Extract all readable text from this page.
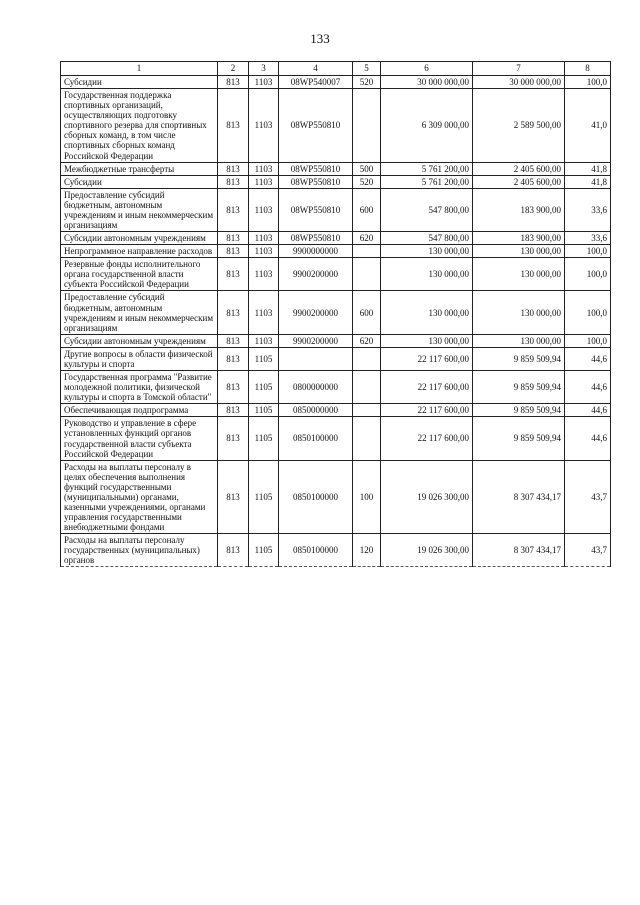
133
1	2	3	4	5	6	7	8
Субсидии	813	1103	08WP540007	520	30 000 000,00	30 000 000,00	100,0
Государственная поддержка спортивных организаций, осуществляющих подготовку спортивного резерва для спортивных сборных команд, в том числе спортивных сборных команд Российской Федерации	813	1103	08WP550810		6 309 000,00	2 589 500,00	41,0
Межбюджетные трансферты	813	1103	08WP550810	500	5 761 200,00	2 405 600,00	41,8
Субсидии	813	1103	08WP550810	520	5 761 200,00	2 405 600,00	41,8
Предоставление субсидий бюджетным, автономным учреждениям и иным некоммерческим организациям	813	1103	08WP550810	600	547 800,00	183 900,00	33,6
Субсидии автономным учреждениям	813	1103	08WP550810	620	547 800,00	183 900,00	33,6
Непрограммное направление расходов	813	1103	9900000000		130 000,00	130 000,00	100,0
Резервные фонды исполнительного органа государственной власти субъекта Российской Федерации	813	1103	9900200000		130 000,00	130 000,00	100,0
Предоставление субсидий бюджетным, автономным учреждениям и иным некоммерческим организациям	813	1103	9900200000	600	130 000,00	130 000,00	100,0
Субсидии автономным учреждениям	813	1103	9900200000	620	130 000,00	130 000,00	100,0
Другие вопросы в области физической культуры и спорта	813	1105			22 117 600,00	9 859 509,94	44,6
Государственная программа "Развитие молодежной политики, физической культуры и спорта в Томской области"	813	1105	0800000000		22 117 600,00	9 859 509,94	44,6
Обеспечивающая подпрограмма	813	1105	0850000000		22 117 600,00	9 859 509,94	44,6
Руководство и управление в сфере установленных функций органов государственной власти субъекта Российской Федерации	813	1105	0850100000		22 117 600,00	9 859 509,94	44,6
Расходы на выплаты персоналу в целях обеспечения выполнения функций государственными (муниципальными) органами, казенными учреждениями, органами управления государственными внебюджетными фондами	813	1105	0850100000	100	19 026 300,00	8 307 434,17	43,7
Расходы на выплаты персоналу государственных (муниципальных) органов	813	1105	0850100000	120	19 026 300,00	8 307 434,17	43,7
